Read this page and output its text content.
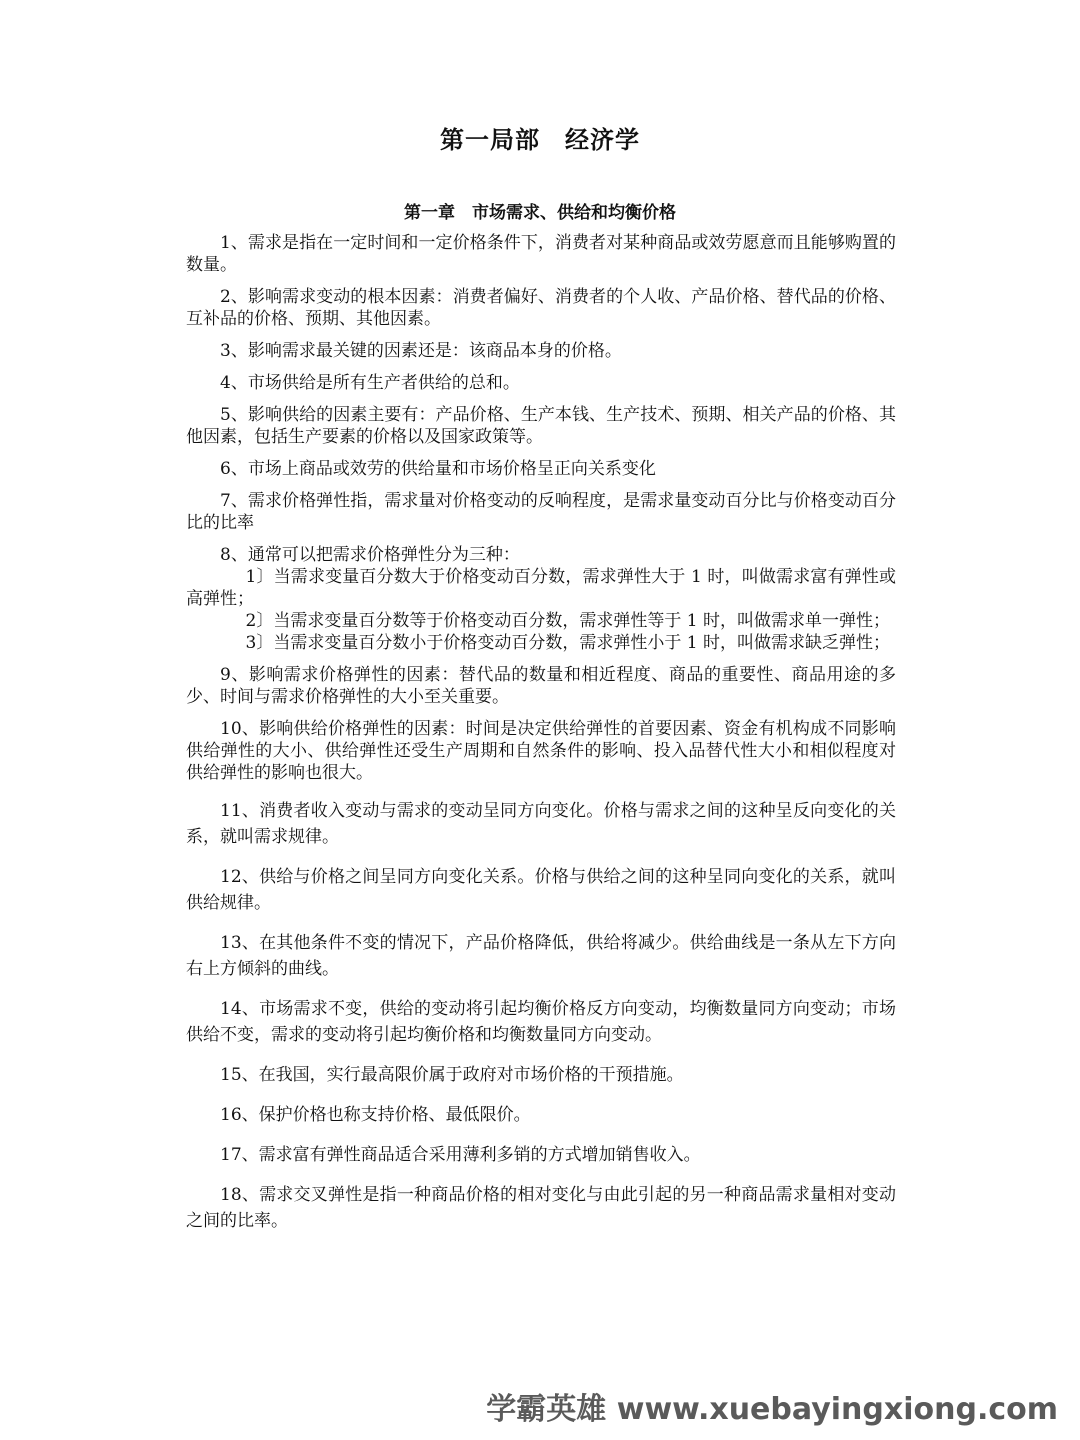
第一局部　经济学
第一章　市场需求、供给和均衡价格

1、需求是指在一定时间和一定价格条件下，消费者对某种商品或效劳愿意而且能够购置的数量。

2、影响需求变动的根本因素：消费者偏好、消费者的个人收、产品价格、替代品的价格、互补品的价格、预期、其他因素。

3、影响需求最关键的因素还是：该商品本身的价格。

4、市场供给是所有生产者供给的总和。

5、影响供给的因素主要有：产品价格、生产本钱、生产技术、预期、相关产品的价格、其他因素，包括生产要素的价格以及国家政策等。

6、市场上商品或效劳的供给量和市场价格呈正向关系变化

7、需求价格弹性指，需求量对价格变动的反响程度，是需求量变动百分比与价格变动百分比的比率

8、通常可以把需求价格弹性分为三种：

1〕当需求变量百分数大于价格变动百分数，需求弹性大于 1 时，叫做需求富有弹性或高弹性；

2〕当需求变量百分数等于价格变动百分数，需求弹性等于 1 时，叫做需求单一弹性；

3〕当需求变量百分数小于价格变动百分数，需求弹性小于 1 时，叫做需求缺乏弹性；

9、影响需求价格弹性的因素：替代品的数量和相近程度、商品的重要性、商品用途的多少、时间与需求价格弹性的大小至关重要。

10、影响供给价格弹性的因素：时间是决定供给弹性的首要因素、资金有机构成不同影响供给弹性的大小、供给弹性还受生产周期和自然条件的影响、投入品替代性大小和相似程度对供给弹性的影响也很大。

11、消费者收入变动与需求的变动呈同方向变化。价格与需求之间的这种呈反向变化的关系，就叫需求规律。

12、供给与价格之间呈同方向变化关系。价格与供给之间的这种呈同向变化的关系，就叫供给规律。

13、在其他条件不变的情况下，产品价格降低，供给将减少。供给曲线是一条从左下方向右上方倾斜的曲线。

14、市场需求不变，供给的变动将引起均衡价格反方向变动，均衡数量同方向变动；市场供给不变，需求的变动将引起均衡价格和均衡数量同方向变动。

15、在我国，实行最高限价属于政府对市场价格的干预措施。

16、保护价格也称支持价格、最低限价。

17、需求富有弹性商品适合采用薄利多销的方式增加销售收入。

18、需求交叉弹性是指一种商品价格的相对变化与由此引起的另一种商品需求量相对变动之间的比率。

学霸英雄 www.xuebayingxiong.com
